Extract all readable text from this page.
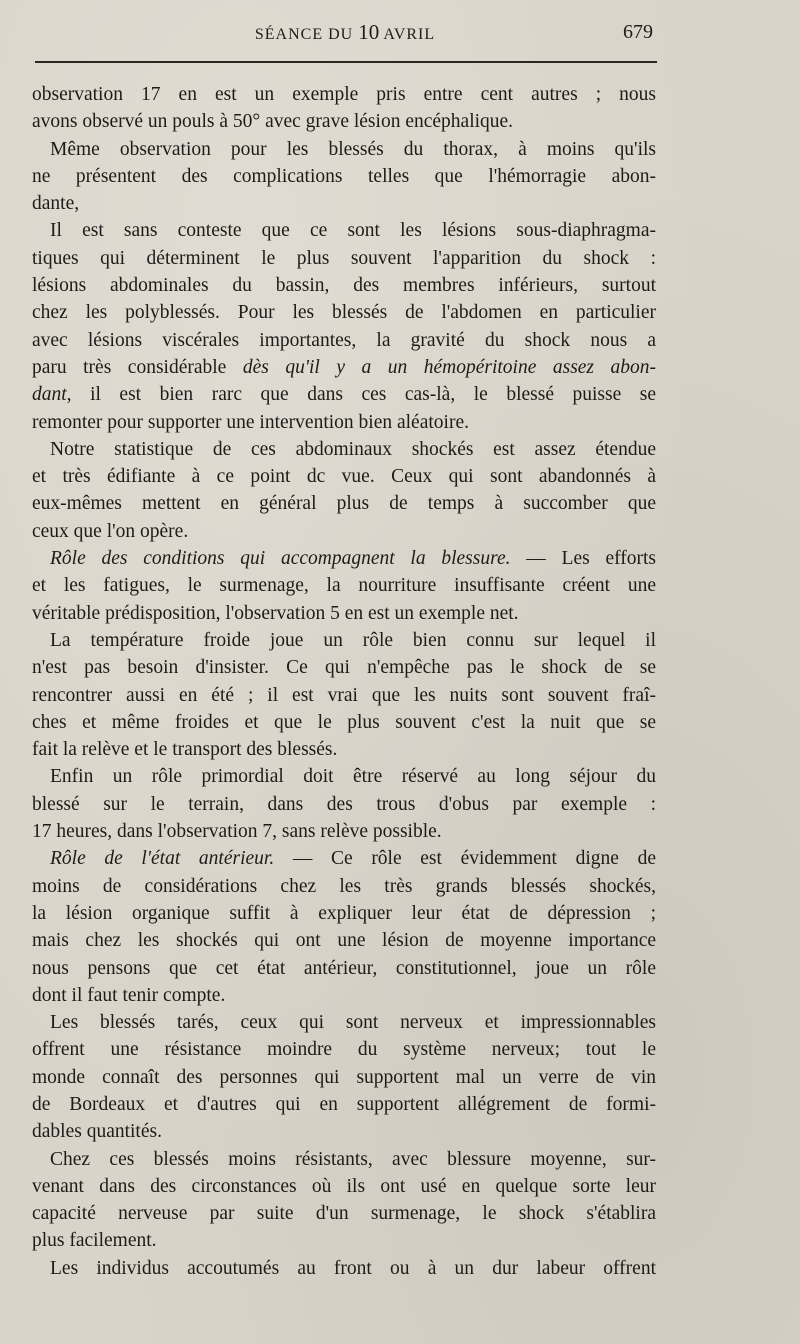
SÉANCE DU 10 AVRIL	679
observation 17 en est un exemple pris entre cent autres ; nous
avons observé un pouls à 50° avec grave lésion encéphalique.
Même observation pour les blessés du thorax, à moins qu'ils
ne présentent des complications telles que l'hémorragie abon-
dante,
Il est sans conteste que ce sont les lésions sous-diaphragma-
tiques qui déterminent le plus souvent l'apparition du shock :
lésions abdominales du bassin, des membres inférieurs, surtout
chez les polyblessés. Pour les blessés de l'abdomen en particulier
avec lésions viscérales importantes, la gravité du shock nous a
paru très considérable dès qu'il y a un hémopéritoine assez abon-
dant, il est bien rarc que dans ces cas-là, le blessé puisse se
remonter pour supporter une intervention bien aléatoire.
Notre statistique de ces abdominaux shockés est assez étendue
et très édifiante à ce point dc vue. Ceux qui sont abandonnés à
eux-mêmes mettent en général plus de temps à succomber que
ceux que l'on opère.
Rôle des conditions qui accompagnent la blessure. — Les efforts
et les fatigues, le surmenage, la nourriture insuffisante créent une
véritable prédisposition, l'observation 5 en est un exemple net.
La température froide joue un rôle bien connu sur lequel il
n'est pas besoin d'insister. Ce qui n'empêche pas le shock de se
rencontrer aussi en été ; il est vrai que les nuits sont souvent fraî-
ches et même froides et que le plus souvent c'est la nuit que se
fait la relève et le transport des blessés.
Enfin un rôle primordial doit être réservé au long séjour du
blessé sur le terrain, dans des trous d'obus par exemple :
17 heures, dans l'observation 7, sans relève possible.
Rôle de l'état antérieur. — Ce rôle est évidemment digne de
moins de considérations chez les très grands blessés shockés,
la lésion organique suffit à expliquer leur état de dépression ;
mais chez les shockés qui ont une lésion de moyenne importance
nous pensons que cet état antérieur, constitutionnel, joue un rôle
dont il faut tenir compte.
Les blessés tarés, ceux qui sont nerveux et impressionnables
offrent une résistance moindre du système nerveux; tout le
monde connaît des personnes qui supportent mal un verre de vin
de Bordeaux et d'autres qui en supportent allégrement de formi-
dables quantités.
Chez ces blessés moins résistants, avec blessure moyenne, sur-
venant dans des circonstances où ils ont usé en quelque sorte leur
capacité nerveuse par suite d'un surmenage, le shock s'établira
plus facilement.
Les individus accoutumés au front ou à un dur labeur offrent
